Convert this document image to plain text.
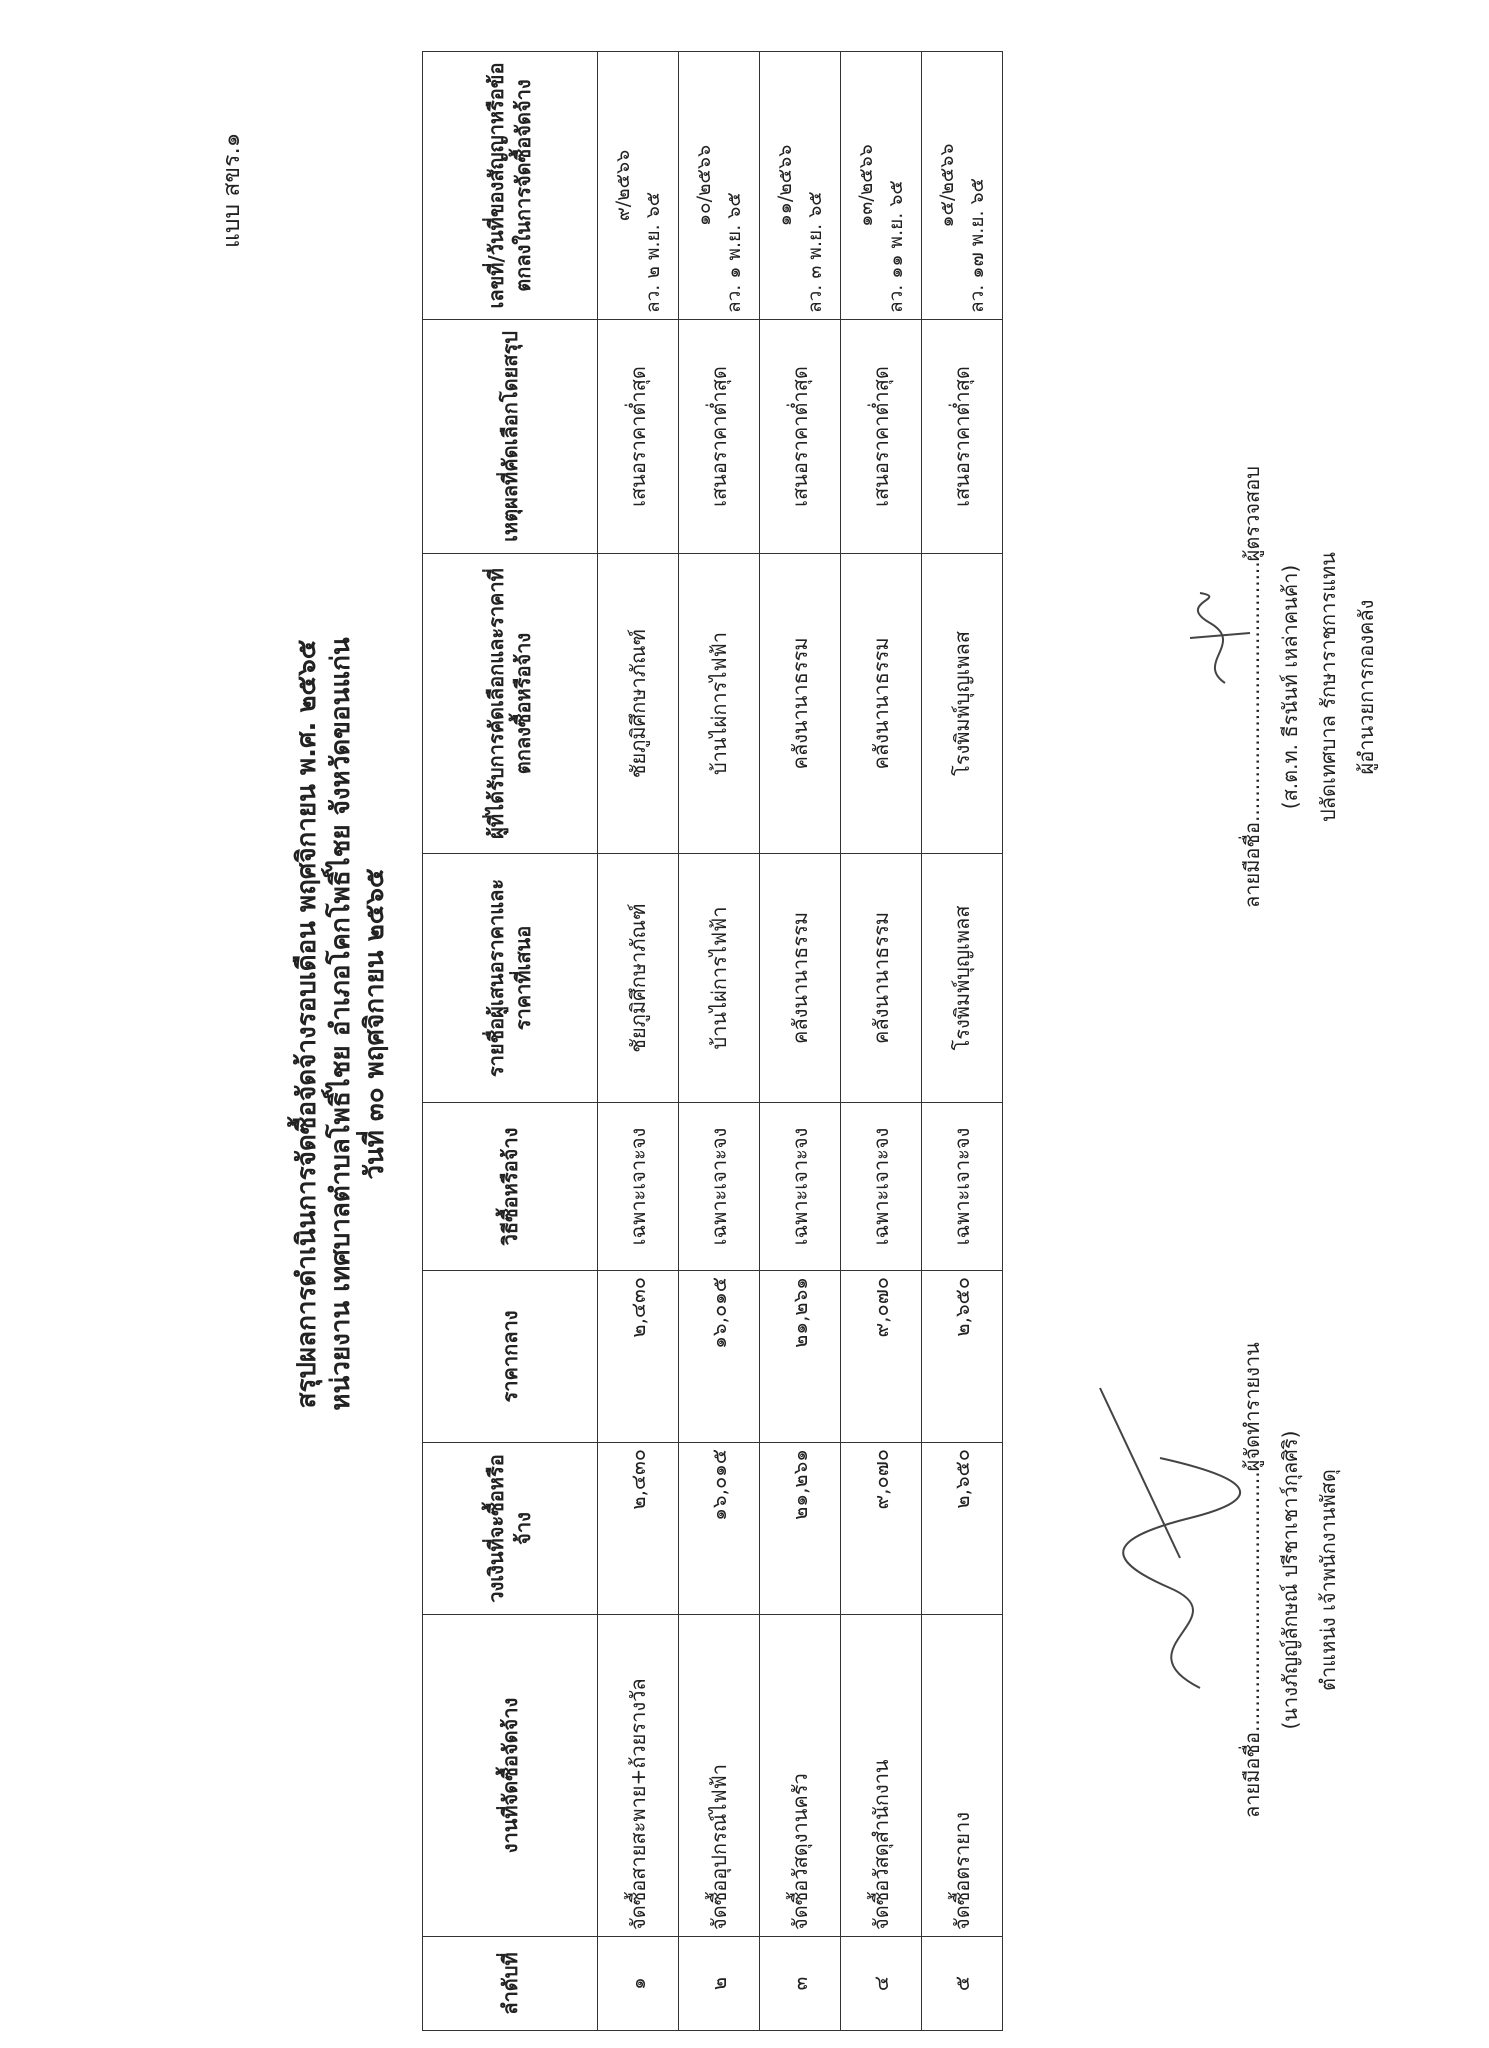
แบบ สขร.๑
สรุปผลการดำเนินการจัดซื้อจัดจ้างรอบเดือน พฤศจิกายน พ.ศ. ๒๕๖๕ หน่วยงาน เทศบาลตำบลโพธิ์ไชย อำเภอโคกโพธิ์ไชย จังหวัดขอนแก่น วันที่ ๓๐ พฤศจิกายน ๒๕๖๕
ลำดับที่	งานที่จัดซื้อจัดจ้าง	วงเงินที่จะซื้อหรือจ้าง	ราคากลาง	วิธีซื้อหรือจ้าง	รายชื่อผู้เสนอราคาและราคาที่เสนอ	ผู้ที่ได้รับการคัดเลือกและราคาที่ตกลงซื้อหรือจ้าง	เหตุผลที่คัดเลือกโดยสรุป	เลขที่/วันที่ของสัญญาหรือข้อตกลงในการจัดซื้อจัดจ้าง
๑	จัดซื้อสายสะพาย+ถ้วยรางวัล	๒,๔๓๐	๒,๔๓๐	เฉพาะเจาะจง	ชัยภูมิศึกษาภัณฑ์	ชัยภูมิศึกษาภัณฑ์	เสนอราคาต่ำสุด	๙/๒๕๖๖
ลว. ๒ พ.ย. ๖๕

๒	จัดซื้ออุปกรณ์ไฟฟ้า	๑๖,๐๑๕	๑๖,๐๑๕	เฉพาะเจาะจง	บ้านไผ่การไฟฟ้า	บ้านไผ่การไฟฟ้า	เสนอราคาต่ำสุด	๑๐/๒๕๖๖
ลว. ๑ พ.ย. ๖๕

๓	จัดซื้อวัสดุงานครัว	๒๑,๒๖๑	๒๑,๒๖๑	เฉพาะเจาะจง	คลังนานาธรรม	คลังนานาธรรม	เสนอราคาต่ำสุด	๑๑/๒๕๖๖
ลว. ๓ พ.ย. ๖๕

๔	จัดซื้อวัสดุสำนักงาน	๙,๐๗๐	๙,๐๗๐	เฉพาะเจาะจง	คลังนานาธรรม	คลังนานาธรรม	เสนอราคาต่ำสุด	๑๓/๒๕๖๖ ลว. ๑๑ พ.ย. ๖๕

๕	จัดซื้อตรายาง	๒,๖๕๐	๒,๖๕๐	เฉพาะเจาะจง	โรงพิมพ์บุญเพลส	โรงพิมพ์บุญเพลส	เสนอราคาต่ำสุด	๑๕/๒๕๖๖ ลว. ๑๗ พ.ย. ๖๕
ลายมือชื่อ.........................................ผู้จัดทำรายงาน (นางภัญญ์ลักษณ์ ปรีชาเชาว์กุลศิริ) ตำแหน่ง เจ้าพนักงานพัสดุ
ลายมือชื่อ.........................................ผู้ตรวจสอบ (ส.ต.ท. ธีรนันท์ เหล่าคนค้า) ปลัดเทศบาล รักษาราชการแทน ผู้อำนวยการกองคลัง
